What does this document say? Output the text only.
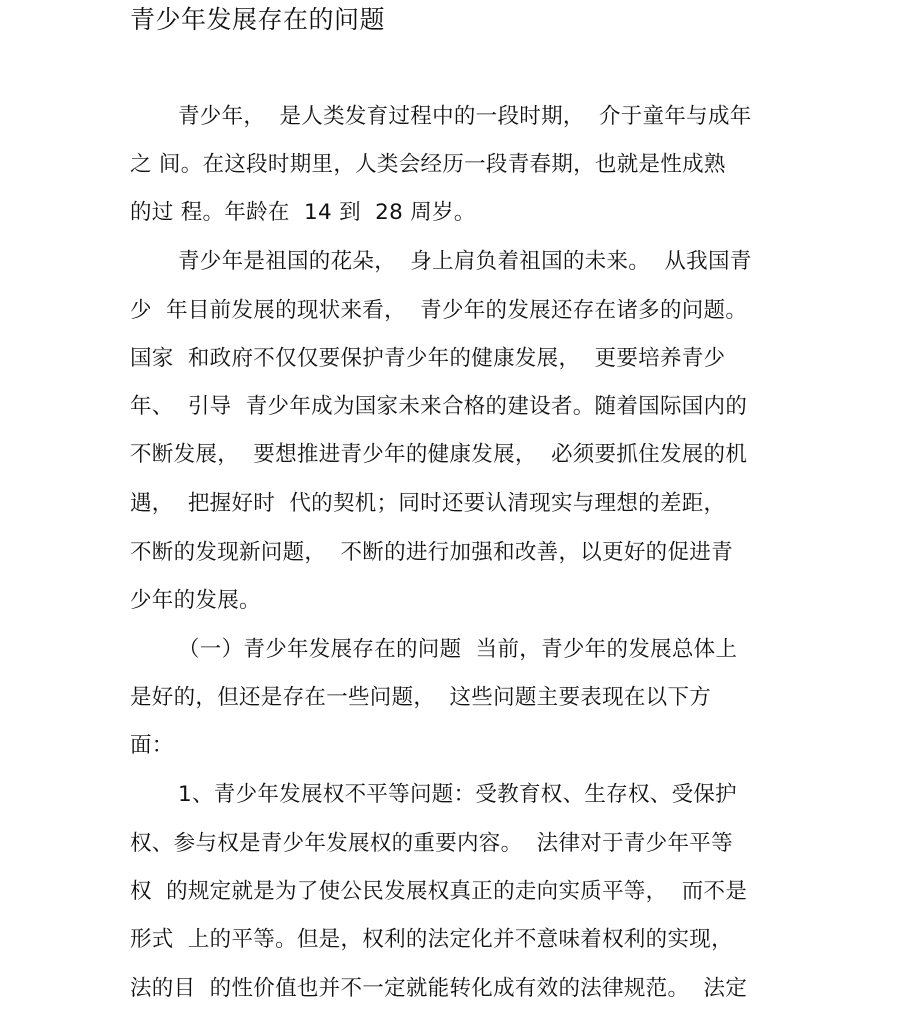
青少年发展存在的问题
青少年，  是人类发育过程中的一段时期，  介于童年与成年
之 间。在这段时期里，人类会经历一段青春期，也就是性成熟
的过 程。年龄在  14 到  28 周岁。
青少年是祖国的花朵，  身上肩负着祖国的未来。  从我国青
少  年目前发展的现状来看，  青少年的发展还存在诸多的问题。
国家  和政府不仅仅要保护青少年的健康发展，  更要培养青少
年、  引导  青少年成为国家未来合格的建设者。随着国际国内的
不断发展，  要想推进青少年的健康发展，  必须要抓住发展的机
遇，  把握好时  代的契机；同时还要认清现实与理想的差距，
不断的发现新问题，  不断的进行加强和改善，以更好的促进青
少年的发展。
（一）青少年发展存在的问题  当前，青少年的发展总体上
是好的，但还是存在一些问题，  这些问题主要表现在以下方
面：
1、青少年发展权不平等问题：受教育权、生存权、受保护
权、参与权是青少年发展权的重要内容。  法律对于青少年平等
权  的规定就是为了使公民发展权真正的走向实质平等，  而不是
形式  上的平等。但是，权利的法定化并不意味着权利的实现，
法的目  的性价值也并不一定就能转化成有效的法律规范。  法定
